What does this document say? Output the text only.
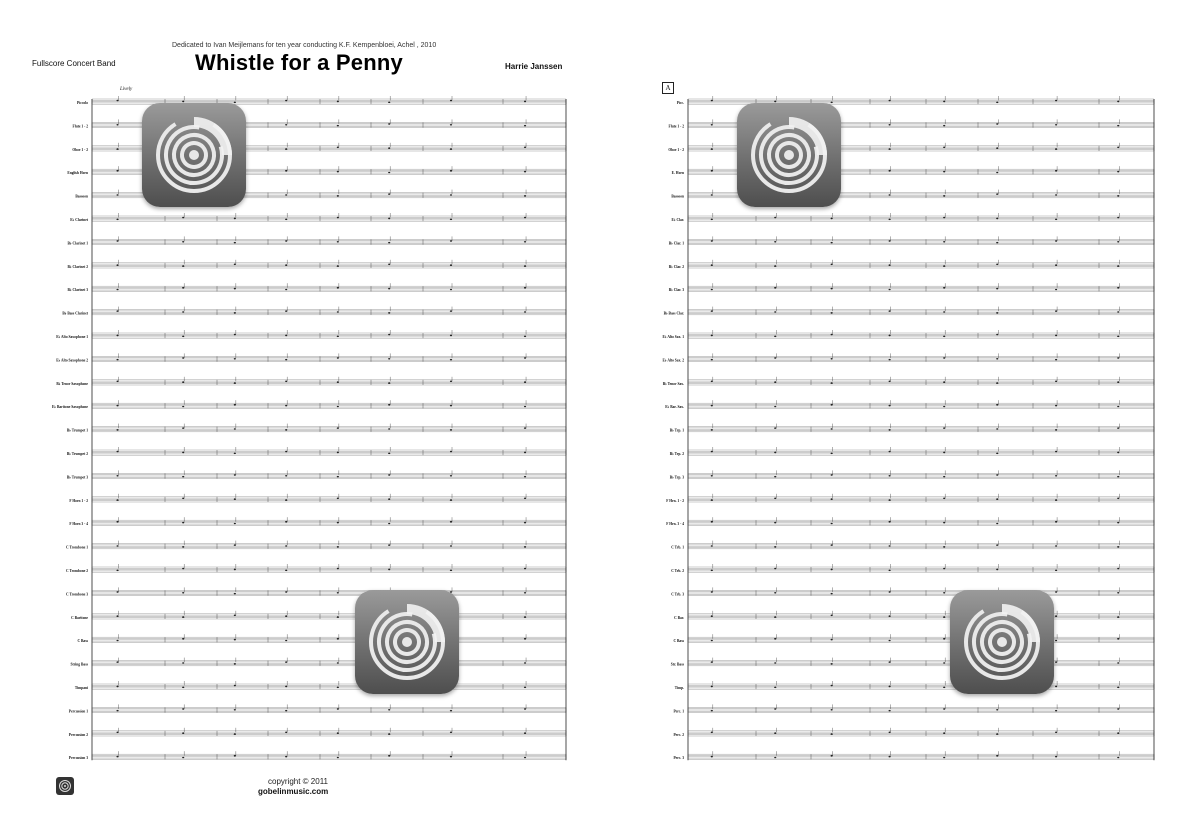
Dedicated to Ivan Meijlemans for ten year conducting K.F. Kempenbloei, Achel , 2010
Fullscore Concert Band	Whistle for a Penny	Harrie Janssen
Lively
copyright © 2011
gobelinmusic.com
A
Piccolo
Flute 1 - 2
Oboe 1 - 2
English Horn
Bassoon
E♭ Clarinet
B♭ Clarinet 1
B♭ Clarinet 2
B♭ Clarinet 3
B♭ Bass Clarinet
E♭ Alto Saxophone 1
E♭ Alto Saxophone 2
B♭ Tenor Saxophone
E♭ Baritone Saxophone
B♭ Trumpet 1
B♭ Trumpet 2
B♭ Trumpet 3
F Horn 1 - 2
F Horn 3 - 4
C Trombone 1
C Trombone 2
C Trombone 3
C Baritone
C Bass
String Bass
Timpani
Percussion 1
Percussion 2
Percussion 3
Picc.
Flute 1 - 2
Oboe 1 - 2
E. Horn
Bassoon
E♭ Clar.
B♭ Clar. 1
B♭ Clar. 2
B♭ Clar. 3
B♭ Bass Clar.
E♭ Alto Sax. 1
E♭ Alto Sax. 2
B♭ Tenor Sax.
E♭ Bar. Sax.
B♭ Trp. 1
B♭ Trp. 2
B♭ Trp. 3
F Hrn. 1 - 2
F Hrn. 3 - 4
C Trb. 1
C Trb. 2
C Trb. 3
C Bar.
C Bass
Str. Bass
Timp.
Perc. 1
Perc. 2
Perc. 3
